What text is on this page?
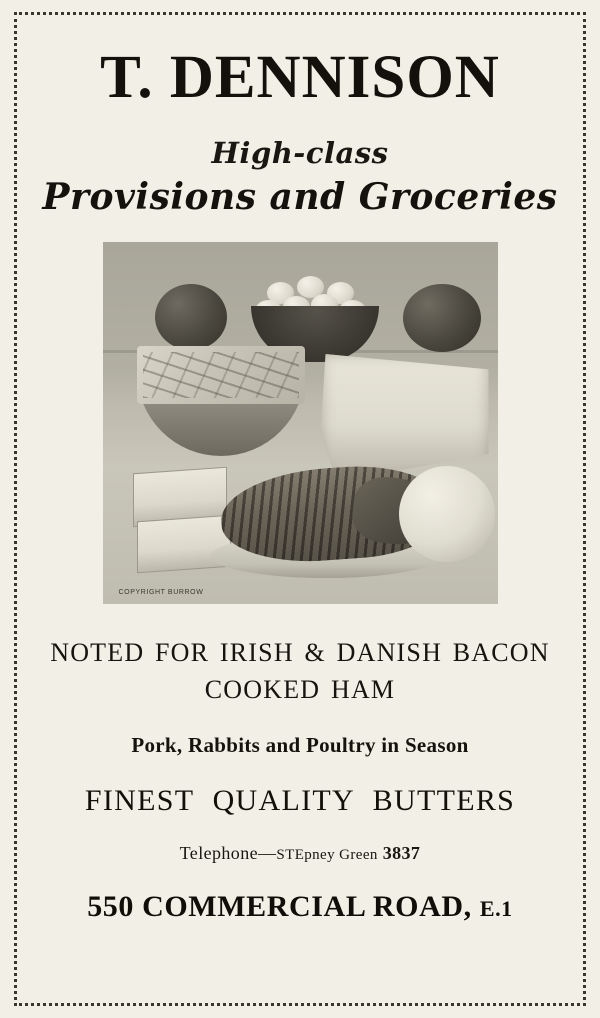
T. DENNISON
High-class
Provisions and Groceries
COPYRIGHT BURROW
NOTED FOR IRISH & DANISH BACON
COOKED HAM
Pork, Rabbits and Poultry in Season
FINEST QUALITY BUTTERS
Telephone—STEpney Green 3837
550 COMMERCIAL ROAD, E.1
